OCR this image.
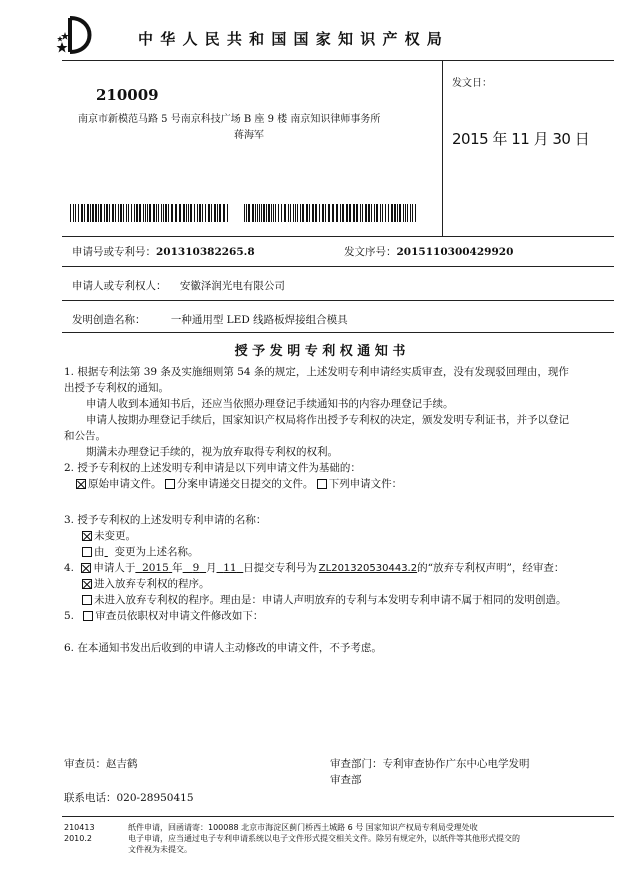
中 华 人 民 共 和 国 国 家 知 识 产 权 局
210009
南京市新模范马路 5 号南京科技广场 B 座 9 楼 南京知识律师事务所
蒋海军
发文日：
2015 年 11 月 30 日
申请号或专利号：201310382265.8	发文序号：2015110300429920
申请人或专利权人： 安徽泽润光电有限公司
发明创造名称： 一种通用型 LED 线路板焊接组合模具
授 予 发 明 专 利 权 通 知 书
1. 根据专利法第 39 条及实施细则第 54 条的规定，上述发明专利申请经实质审查，没有发现驳回理由，现作
出授予专利权的通知。
申请人收到本通知书后，还应当依照办理登记手续通知书的内容办理登记手续。
申请人按期办理登记手续后，国家知识产权局将作出授予专利权的决定，颁发发明专利证书，并予以登记
和公告。
期满未办理登记手续的，视为放弃取得专利权的权利。
2. 授予专利权的上述发明专利申请是以下列申请文件为基础的：
原始申请文件。 分案申请递交日提交的文件。 下列申请文件：
3. 授予专利权的上述发明专利申请的名称：
未变更。
由 变更为上述名称。
4. 申请人于 2015 年 9 月 11 日提交专利号为 ZL201320530443.2的“放弃专利权声明”，经审查：
进入放弃专利权的程序。
未进入放弃专利权的程序。理由是：申请人声明放弃的专利与本发明专利申请不属于相同的发明创造。
5. 审查员依职权对申请文件修改如下：
6. 在本通知书发出后收到的申请人主动修改的申请文件，不予考虑。
审查员：赵吉鹤	审查部门：专利审查协作广东中心电学发明
审查部
联系电话：020-28950415
210413
2010.2
纸件申请，回函请寄：100088 北京市海淀区蓟门桥西土城路 6 号 国家知识产权局专利局受理处收
电子申请，应当通过电子专利申请系统以电子文件形式提交相关文件。除另有规定外，以纸件等其他形式提交的
文件视为未提交。
